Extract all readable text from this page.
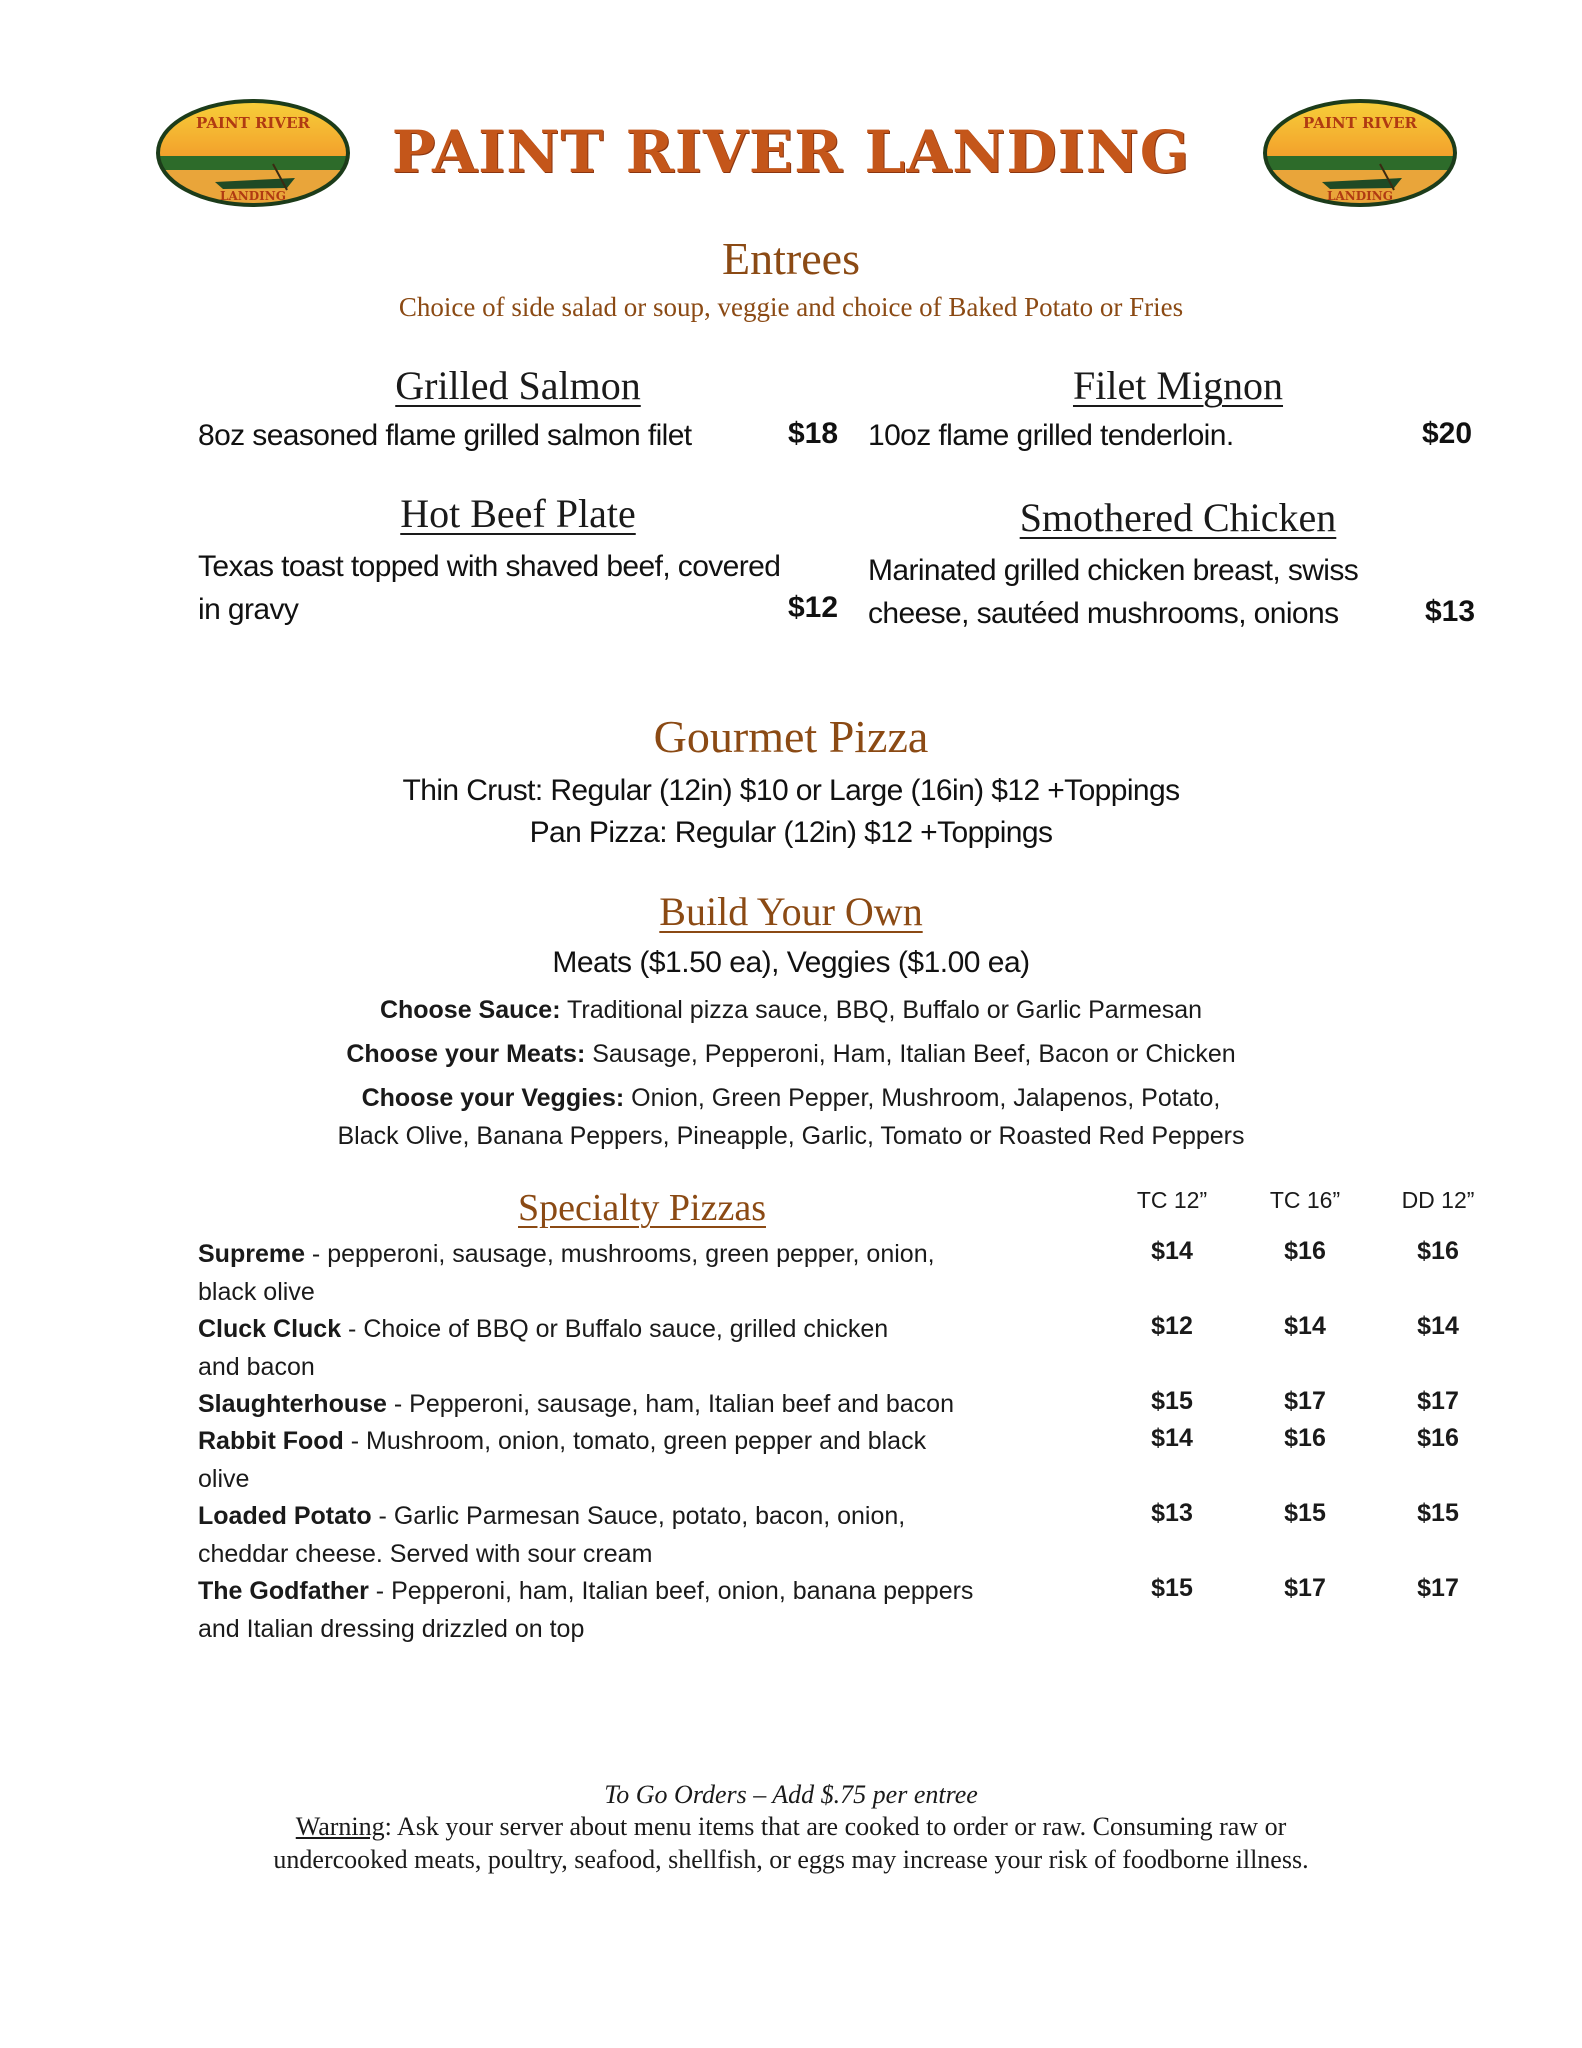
PAINT RIVER
LANDING
PAINT RIVER
LANDING
PAINT RIVER LANDING
Entrees
Choice of side salad or soup, veggie and choice of Baked Potato or Fries
Grilled Salmon
8oz seasoned flame grilled salmon filet	$18
Filet Mignon
10oz flame grilled tenderloin.	$20
Hot Beef Plate
Texas toast topped with shaved beef, covered
in gravy	$12
Smothered Chicken
Marinated grilled chicken breast, swiss
cheese, sautéed mushrooms, onions	$13
Gourmet Pizza
Thin Crust: Regular (12in) $10 or Large (16in) $12 +Toppings
Pan Pizza: Regular (12in) $12 +Toppings
Build Your Own
Meats ($1.50 ea), Veggies ($1.00 ea)
Choose Sauce: Traditional pizza sauce, BBQ, Buffalo or Garlic Parmesan
Choose your Meats: Sausage, Pepperoni, Ham, Italian Beef, Bacon or Chicken
Choose your Veggies: Onion, Green Pepper, Mushroom, Jalapenos, Potato,
Black Olive, Banana Peppers, Pineapple, Garlic, Tomato or Roasted Red Peppers
Specialty Pizzas	TC 12”	TC 16”	DD 12”
Supreme - pepperoni, sausage, mushrooms, green pepper, onion,
black olive
$14	$16	$16
Cluck Cluck - Choice of BBQ or Buffalo sauce, grilled chicken
and bacon
$12	$14	$14
Slaughterhouse - Pepperoni, sausage, ham, Italian beef and bacon	$15	$17	$17
Rabbit Food - Mushroom, onion, tomato, green pepper and black
olive
$14	$16	$16
Loaded Potato - Garlic Parmesan Sauce, potato, bacon, onion,
cheddar cheese. Served with sour cream
$13	$15	$15
The Godfather - Pepperoni, ham, Italian beef, onion, banana peppers
and Italian dressing drizzled on top
$15	$17	$17
To Go Orders – Add $.75 per entree
Warning: Ask your server about menu items that are cooked to order or raw. Consuming raw or
undercooked meats, poultry, seafood, shellfish, or eggs may increase your risk of foodborne illness.
